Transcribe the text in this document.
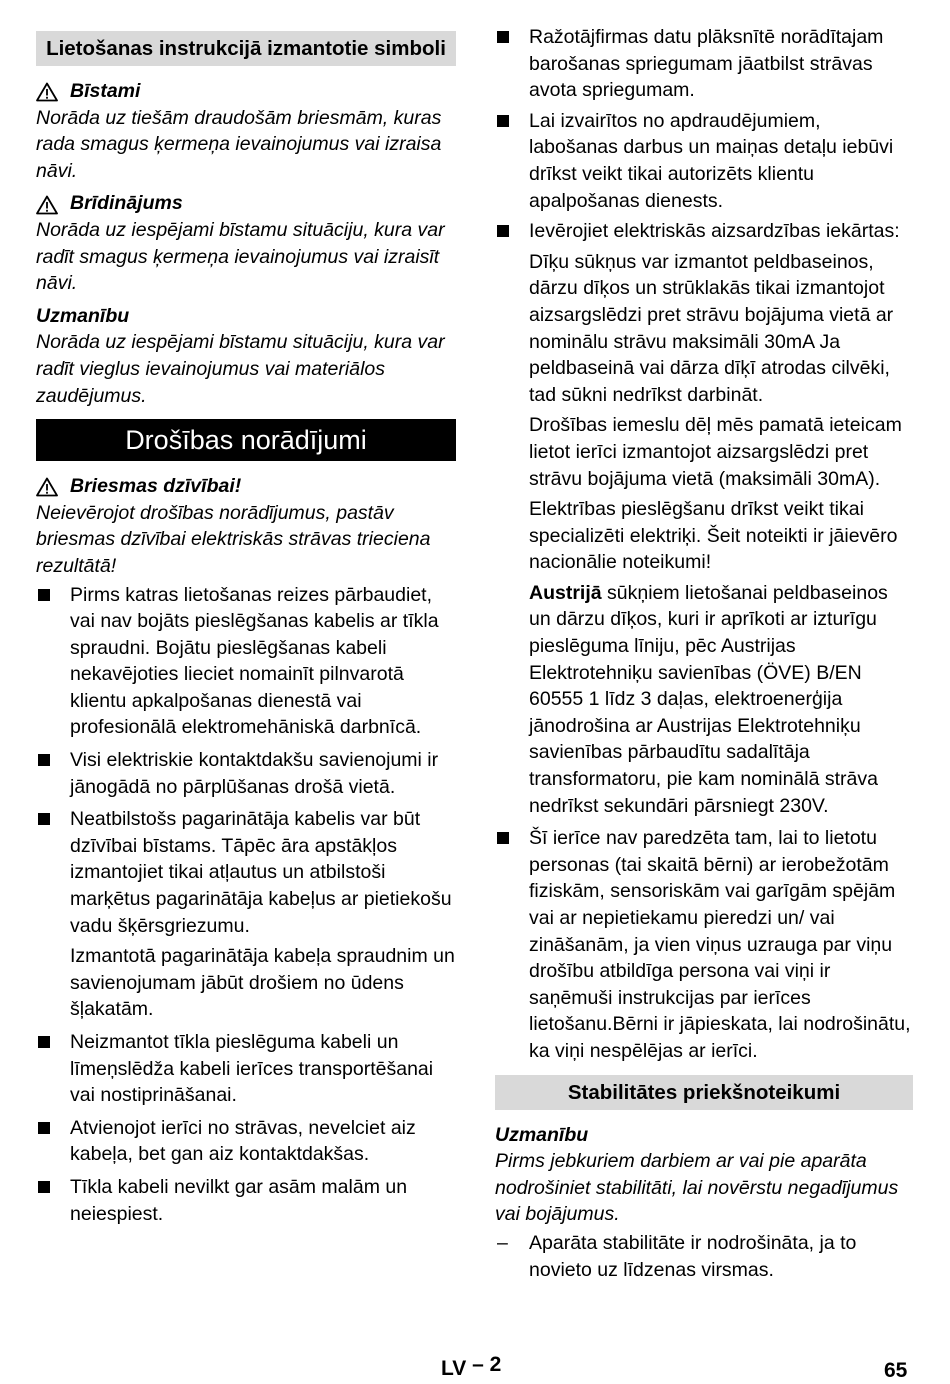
Lietošanas instrukcijā izmantotie simboli
Bīstami

Norāda uz tiešām draudošām briesmām, kuras rada smagus ķermeņa ievainojumus vai izraisa nāvi.

Brīdinājums

Norāda uz iespējami bīstamu situāciju, kura var radīt smagus ķermeņa ievainojumus vai izraisīt nāvi.

Uzmanību

Norāda uz iespējami bīstamu situāciju, kura var radīt vieglus ievainojumus vai materiālos zaudējumus.

Drošības norādījumi
Briesmas dzīvībai!

Neievērojot drošības norādījumus, pastāv briesmas dzīvībai elektriskās strāvas trieciena rezultātā!

Pirms katras lietošanas reizes pārbaudiet, vai nav bojāts pieslēgšanas kabelis ar tīkla spraudni. Bojātu pieslēgšanas kabeli nekavējoties lieciet nomainīt pilnvarotā klientu apkalpošanas dienestā vai profesionālā elektromehāniskā darbnīcā.
Visi elektriskie kontaktdakšu savienojumi ir jānogādā no pārplūšanas drošā vietā.
Neatbilstošs pagarinātāja kabelis var būt dzīvībai bīstams. Tāpēc āra apstākļos izmantojiet tikai atļautus un atbilstoši marķētus pagarinātāja kabeļus ar pietiekošu vadu šķērsgriezumu.

Izmantotā pagarinātāja kabeļa spraudnim un savienojumam jābūt drošiem no ūdens šļakatām.

Neizmantot tīkla pieslēguma kabeli un līmeņslēdža kabeli ierīces transportēšanai vai nostiprināšanai.
Atvienojot ierīci no strāvas, nevelciet aiz kabeļa, bet gan aiz kontaktdakšas.
Tīkla kabeli nevilkt gar asām malām un neiespiest.
Ražotājfirmas datu plāksnītē norādītajam barošanas spriegumam jāatbilst strāvas avota spriegumam.
Lai izvairītos no apdraudējumiem, labošanas darbus un maiņas detaļu iebūvi drīkst veikt tikai autorizēts klientu apalpošanas dienests.
Ievērojiet elektriskās aizsardzības iekārtas:

Dīķu sūkņus var izmantot peldbaseinos, dārzu dīķos un strūklakās tikai izmantojot aizsargslēdzi pret strāvu bojājuma vietā ar nominālu strāvu maksimāli 30mA Ja peldbaseinā vai dārza dīķī atrodas cilvēki, tad sūkni nedrīkst darbināt.

Drošības iemeslu dēļ mēs pamatā ieteicam lietot ierīci izmantojot aizsargslēdzi pret strāvu bojājuma vietā (maksimāli 30mA).

Elektrības pieslēgšanu drīkst veikt tikai specializēti elektriķi. Šeit noteikti ir jāievēro nacionālie noteikumi!

Austrijā sūkņiem lietošanai peldbaseinos un dārzu dīķos, kuri ir aprīkoti ar izturīgu pieslēguma līniju, pēc Austrijas Elektrotehniķu savienības (ÖVE) B/EN 60555 1 līdz 3 daļas, elektroenerģija jānodrošina ar Austrijas Elektrotehniķu savienības pārbaudītu sadalītāja transformatoru, pie kam nominālā strāva nedrīkst sekundāri pārsniegt 230V.

Šī ierīce nav paredzēta tam, lai to lietotu personas (tai skaitā bērni) ar ierobežotām fiziskām, sensoriskām vai garīgām spējām vai ar nepietiekamu pieredzi un/ vai zināšanām, ja vien viņus uzrauga par viņu drošību atbildīga persona vai viņi ir saņēmuši instrukcijas par ierīces lietošanu.Bērni ir jāpieskata, lai nodrošinātu, ka viņi nespēlējas ar ierīci.
Stabilitātes priekšnoteikumi
Uzmanību

Pirms jebkuriem darbiem ar vai pie aparāta nodrošiniet stabilitāti, lai novērstu negadījumus vai bojājumus.

– Aparāta stabilitāte ir nodrošināta, ja to novieto uz līdzenas virsmas.
LV – 2	65
